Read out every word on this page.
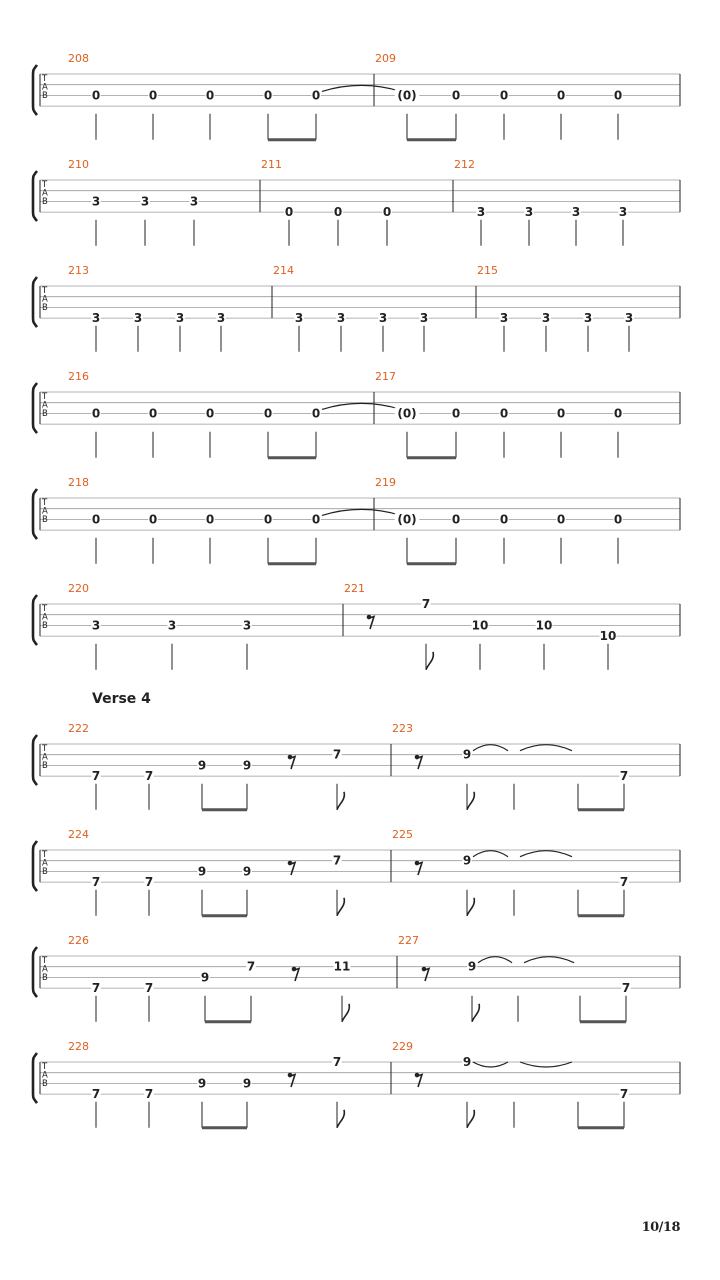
T
A
B
208
0	0	0	0	0
209
(0)	0	0	0	0
T
A
B
210
3	3	3
211
0	0	0
212
3	3	3	3
T
A
B
213
3	3	3	3
214
3	3	3	3
215
3	3	3	3
T
A
B
216
0	0	0	0	0
217
(0)	0	0	0	0
T
A
B
218
0	0	0	0	0
219
(0)	0	0	0	0
T
A
B
220
3	3	3
221
7
10	10
10
Verse 4
T
A
B
222
7	7
9	9
7
223
9
7
T
A
B
224
7	7
9	9
7
225
9
7
T
A
B
226
7	7
9
7	11
227
9
7
T
A
B
228
7	7
9	9
7
229
9
7
10/18
